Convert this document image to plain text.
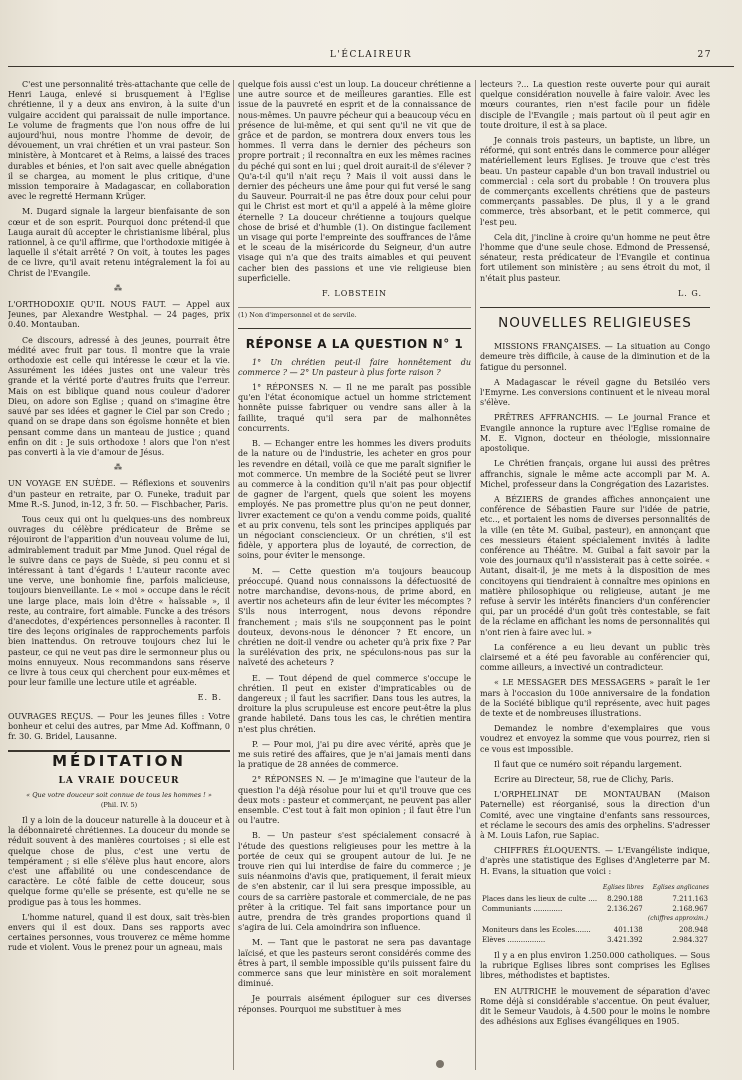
L'ÉCLAIREUR	27

C'est une personnalité très-attachante que celle de Henri Lauga, enlevé si brusquement à l'Eglise chrétienne, il y a deux ans environ, à la suite d'un vulgaire accident qui paraissait de nulle importance. Le volume de fragments que l'on nous offre de lui aujourd'hui, nous montre l'homme de devoir, de dévouement, un vrai chrétien et un vrai pasteur. Son ministère, à Montcaret et à Reims, a laissé des traces durables et bénies, et l'on sait avec quelle abnégation il se chargea, au moment le plus critique, d'une mission temporaire à Madagascar, en collaboration avec le regretté Hermann Krüger.

M. Dugard signale la largeur bienfaisante de son cœur et de son esprit. Pourquoi donc prétend-il que Lauga aurait dû accepter le christianisme libéral, plus rationnel, à ce qu'il affirme, que l'orthodoxie mitigée à laquelle il s'était arrêté ? On voit, à toutes les pages de ce livre, qu'il avait retenu intégralement la foi au Christ de l'Evangile.

⁂

L'ORTHODOXIE QU'IL NOUS FAUT. — Appel aux Jeunes, par Alexandre Westphal. — 24 pages, prix 0.40. Montauban.

Ce discours, adressé à des jeunes, pourrait être médité avec fruit par tous. Il montre que la vraie orthodoxie est celle qui intéresse le cœur et la vie. Assurément les idées justes ont une valeur très grande et la vérité porte d'autres fruits que l'erreur. Mais on est biblique quand nous couleur d'adorer Dieu, on adore son Eglise ; quand on s'imagine être sauvé par ses idées et gagner le Ciel par son Credo ; quand on se drape dans son égoïsme honnête et bien pensant comme dans un manteau de justice ; quand enfin on dit : Je suis orthodoxe ! alors que l'on n'est pas converti à la vie d'amour de Jésus.

⁂

UN VOYAGE EN SUÈDE. — Réflexions et souvenirs d'un pasteur en retraite, par O. Funeke, traduit par Mme R.-S. Junod, in-12, 3 fr. 50. — Fischbacher, Paris.

Tous ceux qui ont lu quelques-uns des nombreux ouvrages du célèbre prédicateur de Brême se réjouiront de l'apparition d'un nouveau volume de lui, admirablement traduit par Mme Junod. Quel régal de le suivre dans ce pays de Suède, si peu connu et si intéressant à tant d'égards ! L'auteur raconte avec une verve, une bonhomie fine, parfois malicieuse, toujours bienveillante. Le « moi » occupe dans le récit une large place, mais loin d'être « haïssable », il reste, au contraire, fort aimable. Funcke a des trésors d'anecdotes, d'expériences personnelles à raconter. Il tire des leçons originales de rapprochements parfois bien inattendus. On retrouve toujours chez lui le pasteur, ce qui ne veut pas dire le sermonneur plus ou moins ennuyeux. Nous recommandons sans réserve ce livre à tous ceux qui cherchent pour eux-mêmes et pour leur famille une lecture utile et agréable.

E. B.

OUVRAGES REÇUS. — Pour les jeunes filles : Votre bonheur et celui des autres, par Mme Ad. Koffmann, 0 fr. 30. G. Bridel, Lausanne.

MÉDITATION
LA VRAIE DOUCEUR
« Que votre douceur soit connue de tous les hommes ! »
(Phil. IV. 5)

Il y a loin de la douceur naturelle à la douceur et à la débonnaireté chrétiennes. La douceur du monde se réduit souvent à des manières courtoises ; si elle est quelque chose de plus, c'est une vertu de tempérament ; si elle s'élève plus haut encore, alors c'est une affabilité ou une condescendance de caractère. Le côté faible de cette douceur, sous quelque forme qu'elle se présente, est qu'elle ne se prodigue pas à tous les hommes.

L'homme naturel, quand il est doux, sait très-bien envers qui il est doux. Dans ses rapports avec certaines personnes, vous trouverez ce même homme rude et violent. Vous le prenez pour un agneau, mais

quelque fois aussi c'est un loup. La douceur chrétienne a une autre source et de meilleures garanties. Elle est issue de la pauvreté en esprit et de la connaissance de nous-mêmes. Un pauvre pécheur qui a beaucoup vécu en présence de lui-même, et qui sent qu'il ne vit que de grâce et de pardon, se montrera doux envers tous les hommes. Il verra dans le dernier des pécheurs son propre portrait ; il reconnaîtra en eux les mêmes racines du péché qui sont en lui ; quel droit aurait-il de s'élever ? Qu'a-t-il qu'il n'ait reçu ? Mais il voit aussi dans le dernier des pécheurs une âme pour qui fut versé le sang du Sauveur. Pourrait-il ne pas être doux pour celui pour qui le Christ est mort et qu'il a appelé à la même gloire éternelle ? La douceur chrétienne a toujours quelque chose de brisé et d'humble (1). On distingue facilement un visage qui porte l'empreinte des souffrances de l'âme et le sceau de la miséricorde du Seigneur, d'un autre visage qui n'a que des traits aimables et qui peuvent cacher bien des passions et une vie religieuse bien superficielle.

F. LOBSTEIN
(1) Non d'impersonnel et de servile.
RÉPONSE A LA QUESTION N° 1

1° Un chrétien peut-il faire honnêtement du commerce ? — 2° Un pasteur à plus forte raison ?

1° RÉPONSES N. — Il ne me paraît pas possible qu'en l'état économique actuel un homme strictement honnête puisse fabriquer ou vendre sans aller à la faillite, traqué qu'il sera par de malhonnêtes concurrents.

B. — Echanger entre les hommes les divers produits de la nature ou de l'industrie, les acheter en gros pour les revendre en détail, voilà ce que me paraît signifier le mot commerce. Un membre de la Société peut se livrer au commerce à la condition qu'il n'ait pas pour objectif de gagner de l'argent, quels que soient les moyens employés. Ne pas promettre plus qu'on ne peut donner, livrer exactement ce qu'on a vendu comme poids, qualité et au prix convenu, tels sont les principes appliqués par un négociant consciencieux. Or un chrétien, s'il est fidèle, y apportera plus de loyauté, de correction, de soins, pour éviter le mensonge.

M. — Cette question m'a toujours beaucoup préoccupé. Quand nous connaissons la défectuosité de notre marchandise, devons-nous, de prime abord, en avertir nos acheteurs afin de leur éviter les mécomptes ? S'ils nous interrogent, nous devons répondre franchement ; mais s'ils ne soupçonnent pas le point douteux, devons-nous le dénoncer ? Et encore, un chrétien ne doit-il vendre ou acheter qu'à prix fixe ? Par la surélévation des prix, ne spéculons-nous pas sur la naïveté des acheteurs ?

E. — Tout dépend de quel commerce s'occupe le chrétien. Il peut en exister d'impraticables ou de dangereux ; il faut les sacrifier. Dans tous les autres, la droiture la plus scrupuleuse est encore peut-être la plus grande habileté. Dans tous les cas, le chrétien mentira n'est plus chrétien.

P. — Pour moi, j'ai pu dire avec vérité, après que je me suis retiré des affaires, que je n'ai jamais menti dans la pratique de 28 années de commerce.

2° RÉPONSES N. — Je m'imagine que l'auteur de la question l'a déjà résolue pour lui et qu'il trouve que ces deux mots : pasteur et commerçant, ne peuvent pas aller ensemble. C'est tout à fait mon opinion ; il faut être l'un ou l'autre.

B. — Un pasteur s'est spécialement consacré à l'étude des questions religieuses pour les mettre à la portée de ceux qui se groupent autour de lui. Je ne trouve rien qui lui interdise de faire du commerce ; je suis néanmoins d'avis que, pratiquement, il ferait mieux de s'en abstenir, car il lui sera presque impossible, au cours de sa carrière pastorale et commerciale, de ne pas prêter à la critique. Tel fait sans importance pour un autre, prendra de très grandes proportions quand il s'agira de lui. Cela amoindrira son influence.

M. — Tant que le pastorat ne sera pas davantage laïcisé, et que les pasteurs seront considérés comme des êtres à part, il semble impossible qu'ils puissent faire du commerce sans que leur ministère en soit moralement diminué.

Je pourrais aisément épiloguer sur ces diverses réponses. Pourquoi me substituer à mes

lecteurs ?... La question reste ouverte pour qui aurait quelque considération nouvelle à faire valoir. Avec les mœurs courantes, rien n'est facile pour un fidèle disciple de l'Evangile ; mais partout où il peut agir en toute droiture, il est à sa place.

Je connais trois pasteurs, un baptiste, un libre, un réformé, qui sont entrés dans le commerce pour alléger matériellement leurs Eglises. Je trouve que c'est très beau. Un pasteur capable d'un bon travail industriel ou commercial : cela sort du probable ! On trouvera plus de commerçants excellents chrétiens que de pasteurs commerçants passables. De plus, il y a le grand commerce, très absorbant, et le petit commerce, qui l'est peu.

Cela dit, j'incline à croire qu'un homme ne peut être l'homme que d'une seule chose. Edmond de Pressensé, sénateur, resta prédicateur de l'Evangile et continua fort utilement son ministère ; au sens étroit du mot, il n'était plus pasteur.

L. G.
NOUVELLES RELIGIEUSES

MISSIONS FRANÇAISES. — La situation au Congo demeure très difficile, à cause de la diminution et de la fatigue du personnel.

A Madagascar le réveil gagne du Betsiléo vers l'Emyrne. Les conversions continuent et le niveau moral s'élève.

PRÊTRES AFFRANCHIS. — Le journal France et Evangile annonce la rupture avec l'Eglise romaine de M. E. Vignon, docteur en théologie, missionnaire apostolique.

Le Chrétien français, organe lui aussi des prêtres affranchis, signale le même acte accompli par M. A. Michel, professeur dans la Congrégation des Lazaristes.

A BÉZIERS de grandes affiches annonçaient une conférence de Sébastien Faure sur l'idée de patrie, etc.., et portaient les noms de diverses personnalités de la ville (en tête M. Guibal, pasteur), en annonçant que ces messieurs étaient spécialement invités à ladite conférence au Théâtre. M. Guibal a fait savoir par la voie des journaux qu'il n'assisterait pas à cette soirée. « Autant, disait-il, je me mets à la disposition de mes concitoyens qui tiendraient à connaître mes opinions en matière philosophique ou religieuse, autant je me refuse à servir les intérêts financiers d'un conférencier qui, par un procédé d'un goût très contestable, se fait de la réclame en affichant les noms de personnalités qui n'ont rien à faire avec lui. »

La conférence a eu lieu devant un public très clairsemé et a été peu favorable au conférencier qui, comme ailleurs, a invectivé un contradicteur.

« LE MESSAGER DES MESSAGERS » paraît le 1er mars à l'occasion du 100e anniversaire de la fondation de la Société biblique qu'il représente, avec huit pages de texte et de nombreuses illustrations.

Demandez le nombre d'exemplaires que vous voudrez et envoyez la somme que vous pourrez, rien si ce vous est impossible.

Il faut que ce numéro soit répandu largement.

Ecrire au Directeur, 58, rue de Clichy, Paris.

L'ORPHELINAT DE MONTAUBAN (Maison Paternelle) est réorganisé, sous la direction d'un Comité, avec une vingtaine d'enfants sans ressources, et réclame le secours des amis des orphelins. S'adresser à M. Louis Lafon, rue Sapiac.

CHIFFRES ÉLOQUENTS. — L'Evangéliste indique, d'après une statistique des Eglises d'Angleterre par M. H. Evans, la situation que voici :

	Eglises libres	Eglises anglicanes
Places dans les lieux de culte ....	8.290.188	7.211.163
Communiants .............	2.136.267	2.168.967
		(chiffres approxim.)
Moniteurs dans les Ecoles.......	401.138	208.948
Elèves .................	3.421.392	2.984.327

Il y a en plus environ 1.250.000 catholiques. — Sous la rubrique Eglises libres sont comprises les Eglises libres, méthodistes et baptistes.

EN AUTRICHE le mouvement de séparation d'avec Rome déjà si considérable s'accentue. On peut évaluer, dit le Semeur Vaudois, à 4.500 pour le moins le nombre des adhésions aux Eglises évangéliques en 1905.
